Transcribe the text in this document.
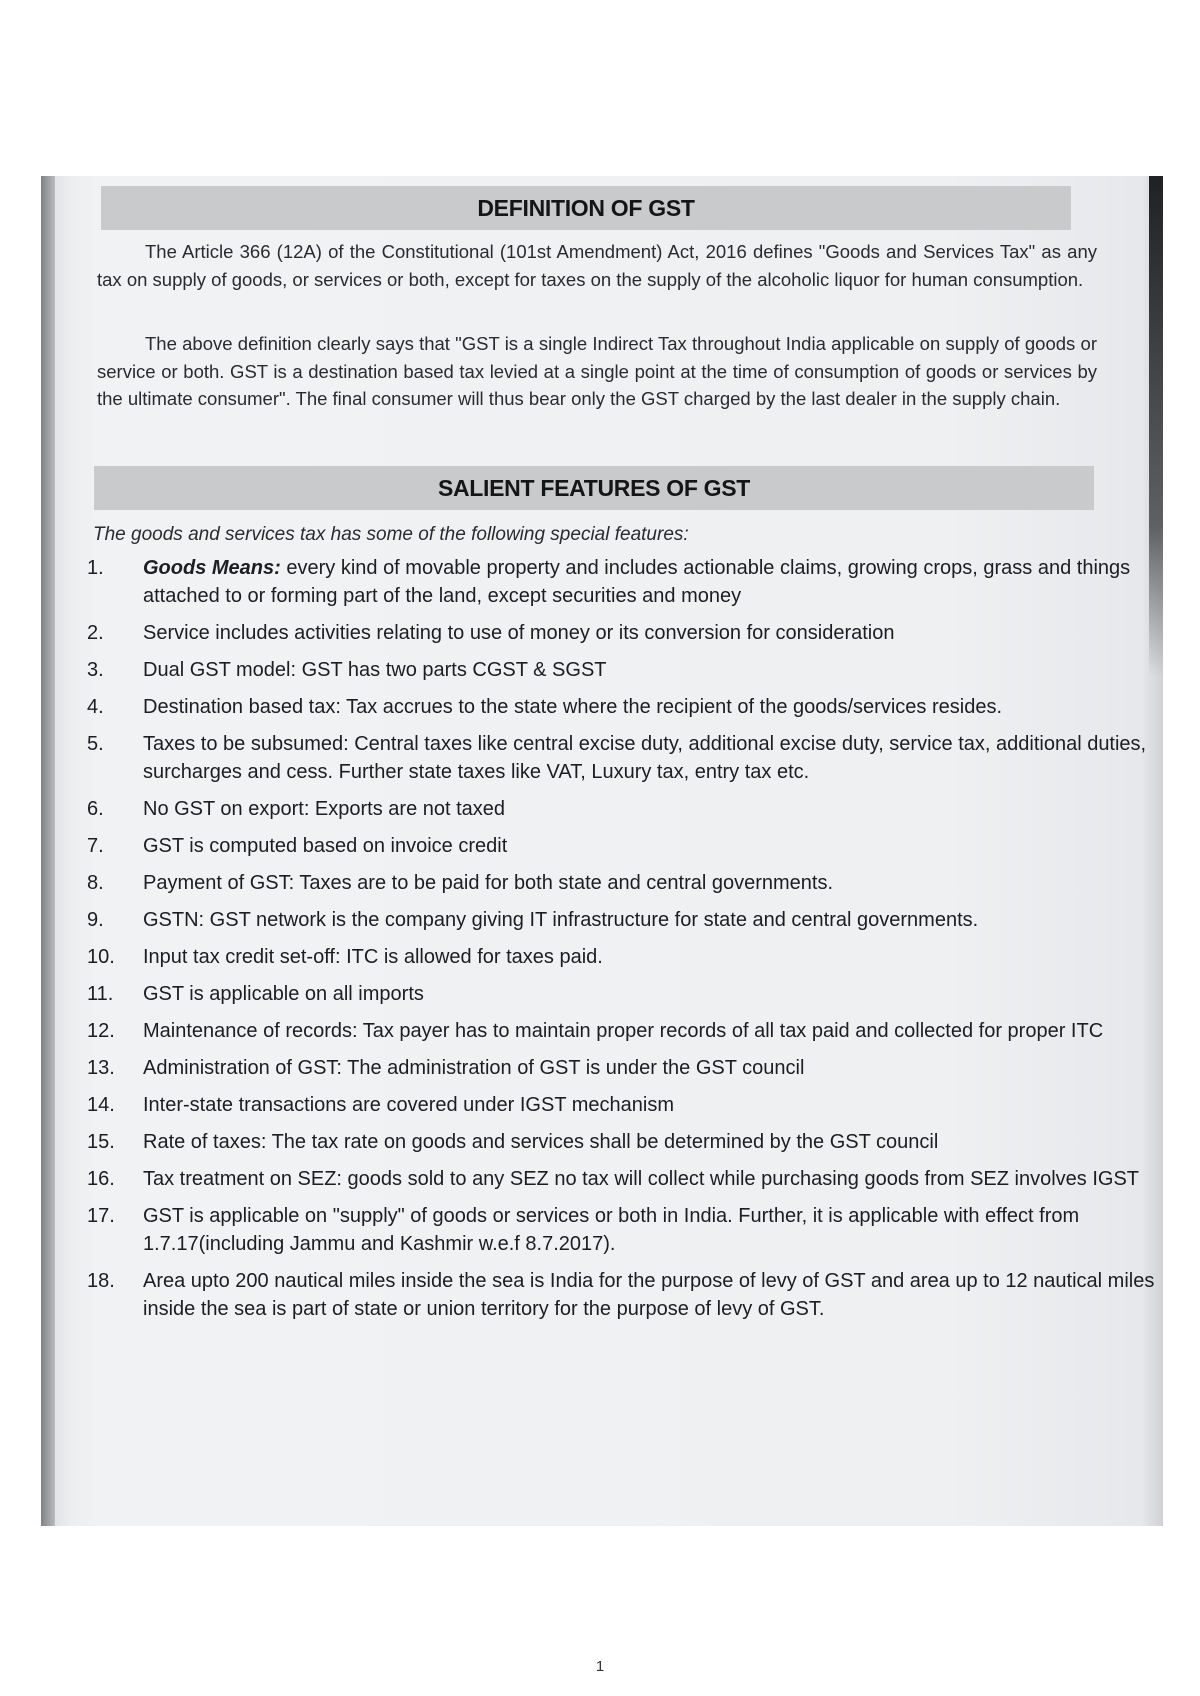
DEFINITION OF GST
The Article 366 (12A) of the Constitutional (101st Amendment) Act, 2016 defines "Goods and Services Tax" as any tax on supply of goods, or services or both, except for taxes on the supply of the alcoholic liquor for human consumption.
The above definition clearly says that "GST is a single Indirect Tax throughout India applicable on supply of goods or service or both. GST is a destination based tax levied at a single point at the time of consumption of goods or services by the ultimate consumer". The final consumer will thus bear only the GST charged by the last dealer in the supply chain.
SALIENT FEATURES OF GST
The goods and services tax has some of the following special features:
1.	Goods Means: every kind of movable property and includes actionable claims, growing crops, grass and things attached to or forming part of the land, except securities and money
2.	Service includes activities relating to use of money or its conversion for consideration
3.	Dual GST model: GST has two parts CGST & SGST
4.	Destination based tax: Tax accrues to the state where the recipient of the goods/services resides.
5.	Taxes to be subsumed: Central taxes like central excise duty, additional excise duty, service tax, additional duties, surcharges and cess. Further state taxes like VAT, Luxury tax, entry tax etc.
6.	No GST on export: Exports are not taxed
7.	GST is computed based on invoice credit
8.	Payment of GST: Taxes are to be paid for both state and central governments.
9.	GSTN: GST network is the company giving IT infrastructure for state and central governments.
10.	Input tax credit set-off: ITC is allowed for taxes paid.
11.	GST is applicable on all imports
12.	Maintenance of records: Tax payer has to maintain proper records of all tax paid and collected for proper ITC
13.	Administration of GST: The administration of GST is under the GST council
14.	Inter-state transactions are covered under IGST mechanism
15.	Rate of taxes: The tax rate on goods and services shall be determined by the GST council
16.	Tax treatment on SEZ: goods sold to any SEZ no tax will collect while purchasing goods from SEZ involves IGST
17.	GST is applicable on "supply" of goods or services or both in India. Further, it is applicable with effect from 1.7.17(including Jammu and Kashmir w.e.f 8.7.2017).
18.	Area upto 200 nautical miles inside the sea is India for the purpose of levy of GST and area up to 12 nautical miles inside the sea is part of state or union territory for the purpose of levy of GST.
1
